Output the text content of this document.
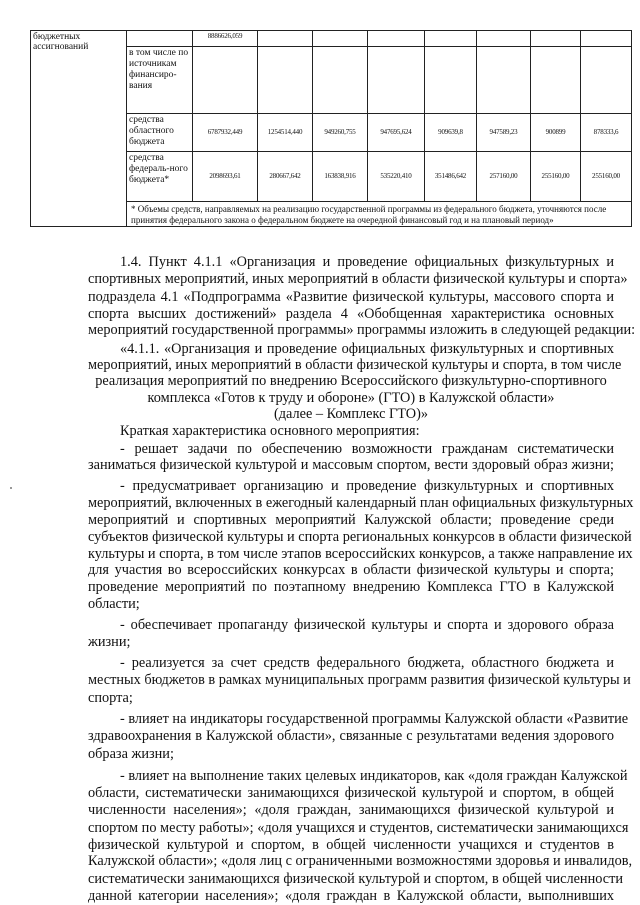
бюджетных ассигнований		8886626,059							
	в том числе по источникам финансиро-вания								
	средства областного бюджета	6787932,449	1254514,440	949260,755	947695,624	909639,8	947589,23	900899	878333,6
	средства федераль-ного бюджета*	2098693,61	280667,642	163838,916	535220,410	351486,642	257160,00	255160,00	255160,00
	* Объемы средств, направляемых на реализацию государственной программы из федерального бюджета, уточняются после принятия федерального закона о федеральном бюджете на очередной финансовый год и на плановый период»								
1.4. Пункт 4.1.1 «Организация и проведение официальных физкультурных и
спортивных мероприятий, иных мероприятий в области физической культуры и спорта»
подраздела 4.1 «Подпрограмма «Развитие физической культуры, массового спорта и
спорта высших достижений» раздела 4 «Обобщенная характеристика основных
мероприятий государственной программы» программы изложить в следующей редакции:
«4.1.1. «Организация и проведение официальных физкультурных и спортивных
мероприятий, иных мероприятий в области физической культуры и спорта, в том числе
реализация мероприятий по внедрению Всероссийского физкультурно-спортивного
комплекса «Готов к труду и обороне» (ГТО) в Калужской области»
(далее – Комплекс ГТО)»
Краткая характеристика основного мероприятия:
- решает задачи по обеспечению возможности гражданам систематически
заниматься физической культурой и массовым спортом, вести здоровый образ жизни;
- предусматривает организацию и проведение физкультурных и спортивных
мероприятий, включенных в ежегодный календарный план официальных физкультурных
мероприятий и спортивных мероприятий Калужской области; проведение среди
субъектов физической культуры и спорта региональных конкурсов в области физической
культуры и спорта, в том числе этапов всероссийских конкурсов, а также направление их
для участия во всероссийских конкурсах в области физической культуры и спорта;
проведение мероприятий по поэтапному внедрению Комплекса ГТО в Калужской
области;
- обеспечивает пропаганду физической культуры и спорта и здорового образа
жизни;
- реализуется за счет средств федерального бюджета, областного бюджета и
местных бюджетов в рамках муниципальных программ развития физической культуры и
спорта;
- влияет на индикаторы государственной программы Калужской области «Развитие
здравоохранения в Калужской области», связанные с результатами ведения здорового
образа жизни;
- влияет на выполнение таких целевых индикаторов, как «доля граждан Калужской
области, систематически занимающихся физической культурой и спортом, в общей
численности населения»; «доля граждан, занимающихся физической культурой и
спортом по месту работы»; «доля учащихся и студентов, систематически занимающихся
физической культурой и спортом, в общей численности учащихся и студентов в
Калужской области»; «доля лиц с ограниченными возможностями здоровья и инвалидов,
систематически занимающихся физической культурой и спортом, в общей численности
данной категории населения»; «доля граждан в Калужской области, выполнивших
